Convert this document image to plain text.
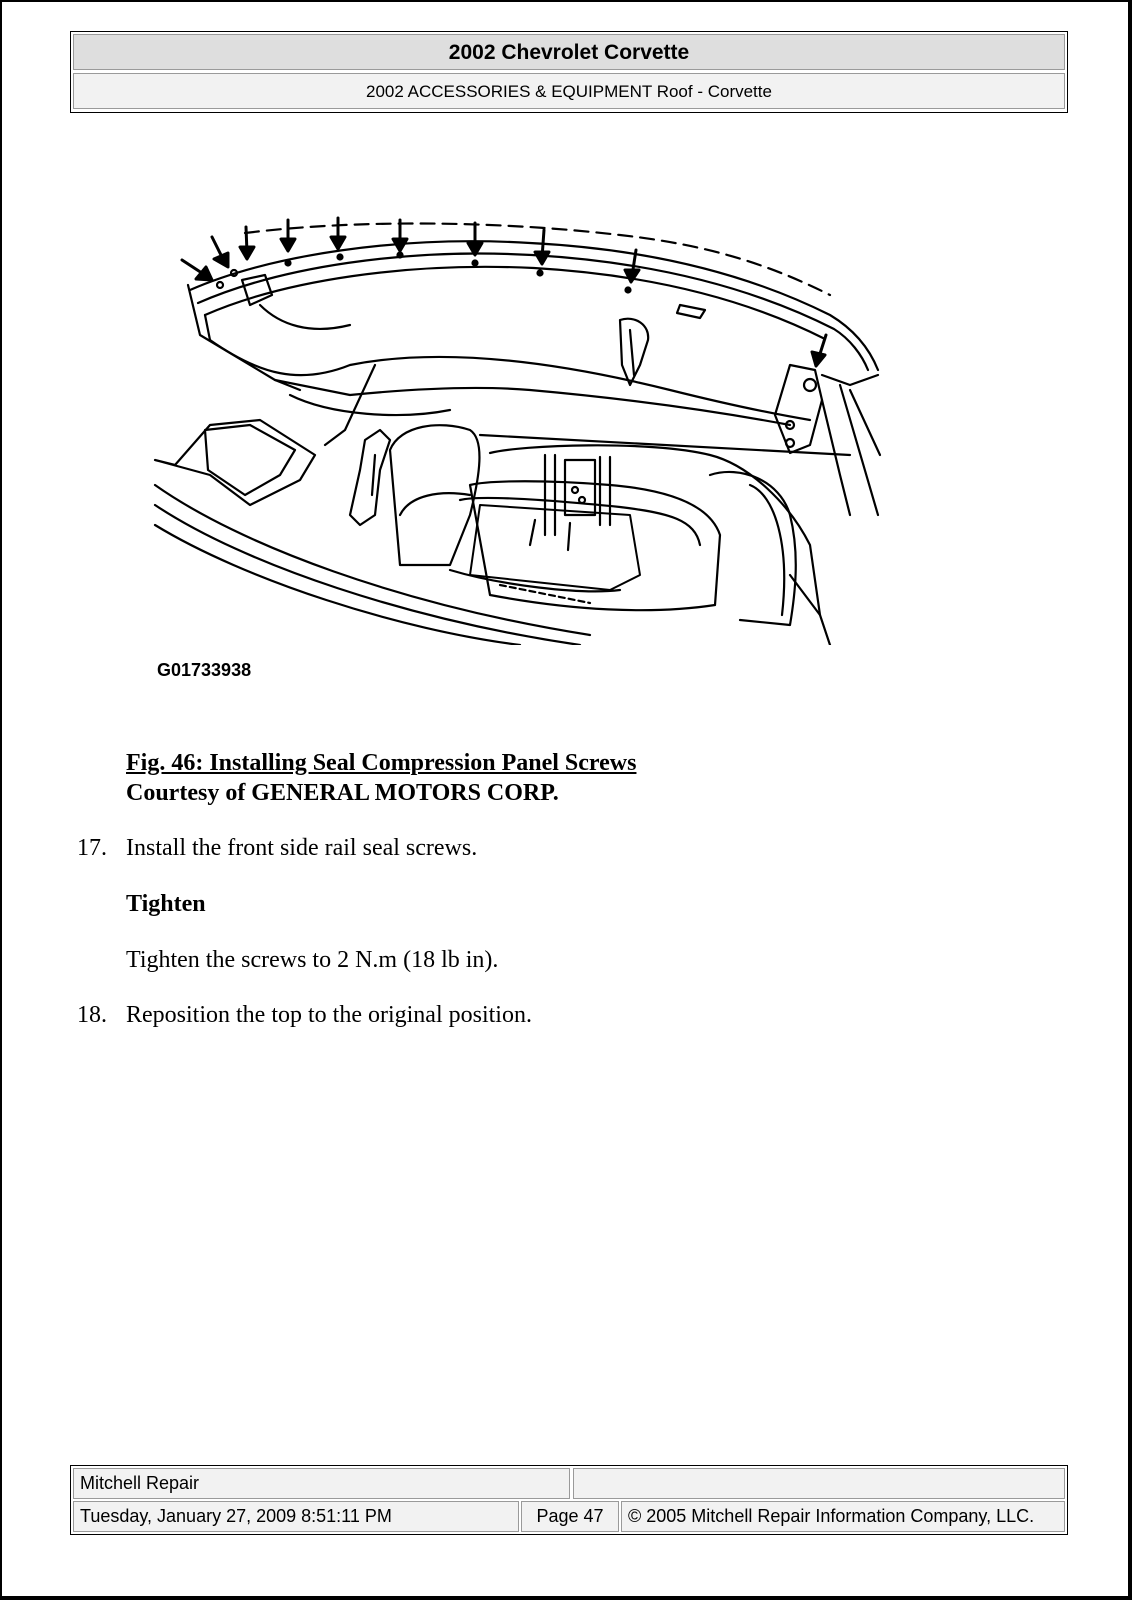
2002 Chevrolet Corvette
2002 ACCESSORIES & EQUIPMENT Roof - Corvette
G01733938
Fig. 46: Installing Seal Compression Panel Screws
Courtesy of GENERAL MOTORS CORP.
17. Install the front side rail seal screws.
Tighten
Tighten the screws to 2 N.m (18 lb in).
18. Reposition the top to the original position.
Mitchell Repair
Tuesday, January 27, 2009 8:51:11 PM	Page 47	© 2005 Mitchell Repair Information Company, LLC.
